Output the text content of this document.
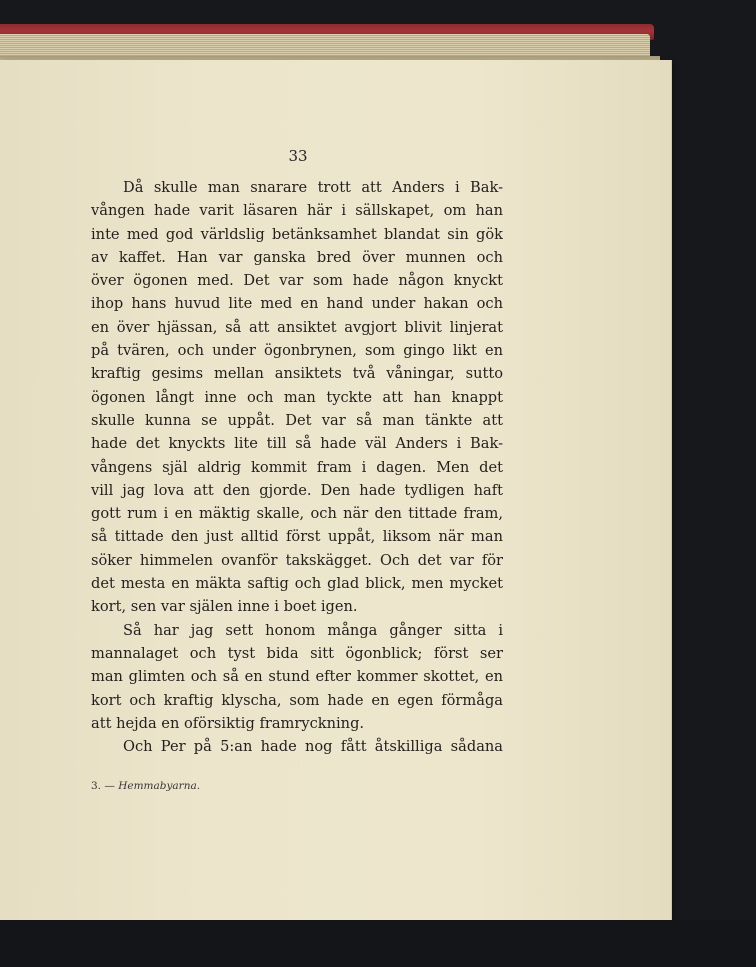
33
Då skulle man snarare trott att Anders i Bak-
vången hade varit läsaren här i sällskapet, om han
inte med god världslig betänksamhet blandat sin gök
av kaffet. Han var ganska bred över munnen och
över ögonen med. Det var som hade någon knyckt
ihop hans huvud lite med en hand under hakan och
en över hjässan, så att ansiktet avgjort blivit linjerat
på tvären, och under ögonbrynen, som gingo likt en
kraftig gesims mellan ansiktets två våningar, sutto
ögonen långt inne och man tyckte att han knappt
skulle kunna se uppåt. Det var så man tänkte att
hade det knyckts lite till så hade väl Anders i Bak-
vångens själ aldrig kommit fram i dagen. Men det
vill jag lova att den gjorde. Den hade tydligen haft
gott rum i en mäktig skalle, och när den tittade fram,
så tittade den just alltid först uppåt, liksom när man
söker himmelen ovanför takskägget. Och det var för
det mesta en mäkta saftig och glad blick, men mycket
kort, sen var själen inne i boet igen.
Så har jag sett honom många gånger sitta i
mannalaget och tyst bida sitt ögonblick; först ser
man glimten och så en stund efter kommer skottet, en
kort och kraftig klyscha, som hade en egen förmåga
att hejda en oförsiktig framryckning.
Och Per på 5:an hade nog fått åtskilliga sådana
3. — Hemmabyarna.
